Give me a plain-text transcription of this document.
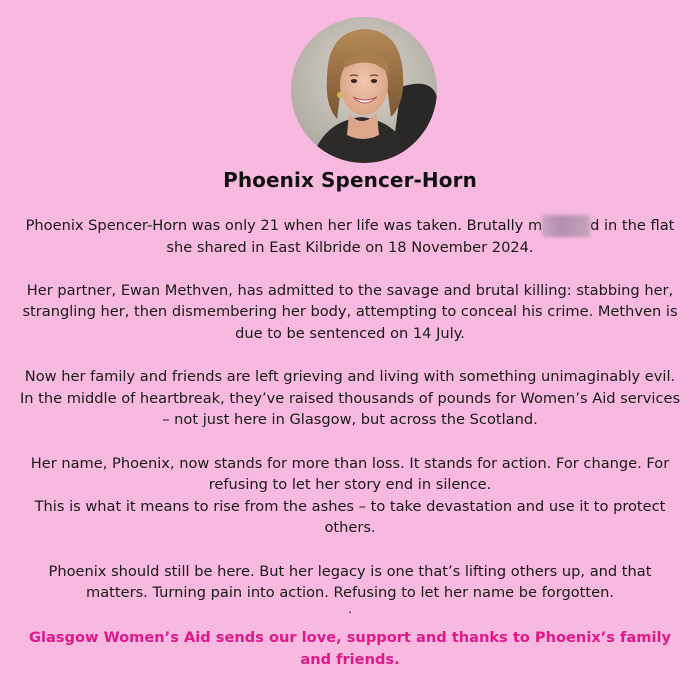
Phoenix Spencer-Horn

Phoenix Spencer-Horn was only 21 when her life was taken. Brutally m	d in the flat she shared in East Kilbride on 18 November 2024.

Her partner, Ewan Methven, has admitted to the savage and brutal killing: stabbing her, strangling her, then dismembering her body, attempting to conceal his crime. Methven is due to be sentenced on 14 July.

Now her family and friends are left grieving and living with something unimaginably evil. In the middle of heartbreak, they’ve raised thousands of pounds for Women’s Aid services – not just here in Glasgow, but across the Scotland.

Her name, Phoenix, now stands for more than loss. It stands for action. For change. For refusing to let her story end in silence.

This is what it means to rise from the ashes – to take devastation and use it to protect others.

Phoenix should still be here. But her legacy is one that’s lifting others up, and that matters. Turning pain into action. Refusing to let her name be forgotten.

.

Glasgow Women’s Aid sends our love, support and thanks to Phoenix’s family and friends.
